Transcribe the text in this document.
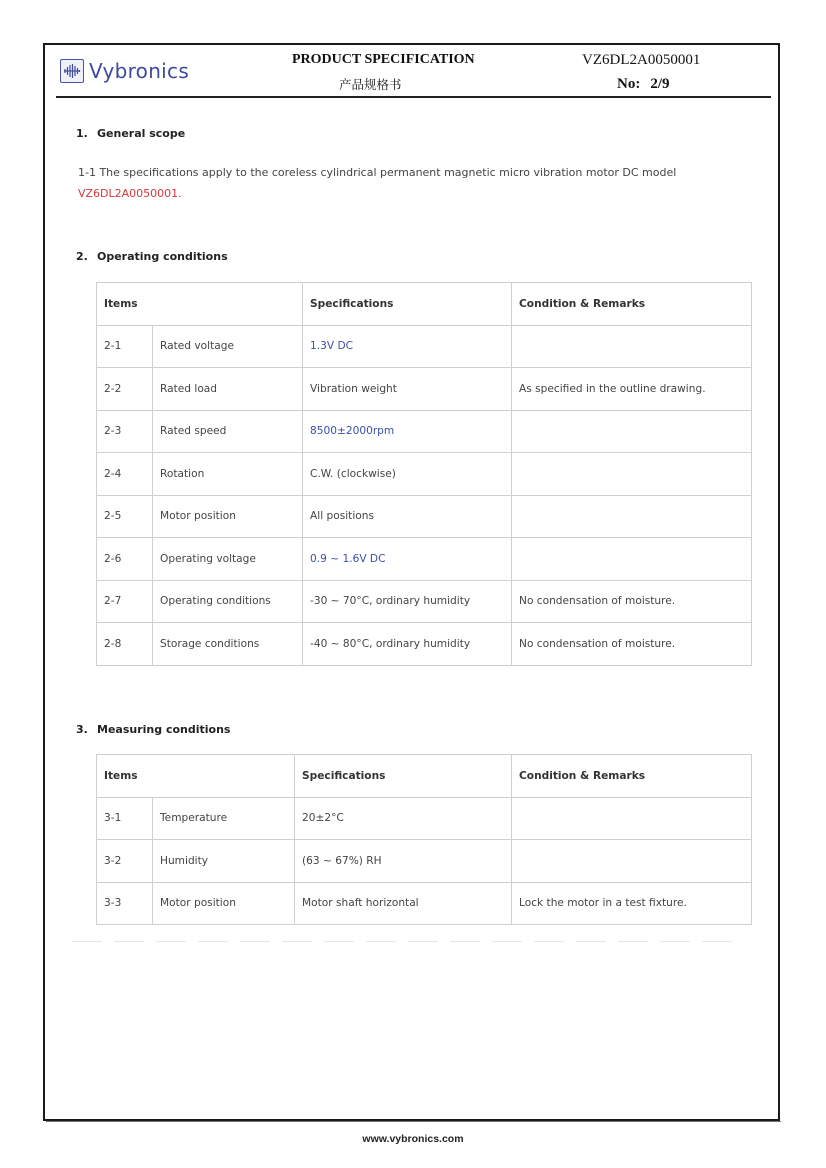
Vybronics	PRODUCT SPECIFICATION
产品规格书
VZ6DL2A0050001
No: 2/9
1. General scope
1-1 The specifications apply to the coreless cylindrical permanent magnetic micro vibration motor DC model
VZ6DL2A0050001.
2. Operating conditions
Items		Specifications	Condition & Remarks
2-1	Rated voltage	1.3V DC	
2-2	Rated load	Vibration weight	As specified in the outline drawing.
2-3	Rated speed	8500±2000rpm	
2-4	Rotation	C.W. (clockwise)	
2-5	Motor position	All positions	
2-6	Operating voltage	0.9 ~ 1.6V DC	
2-7	Operating conditions	-30 ~ 70°C, ordinary humidity	No condensation of moisture.
2-8	Storage conditions	-40 ~ 80°C, ordinary humidity	No condensation of moisture.
3. Measuring conditions
Items		Specifications	Condition & Remarks
3-1	Temperature	20±2°C	
3-2	Humidity	(63 ~ 67%) RH	
3-3	Motor position	Motor shaft horizontal	Lock the motor in a test fixture.
www.vybronics.com
